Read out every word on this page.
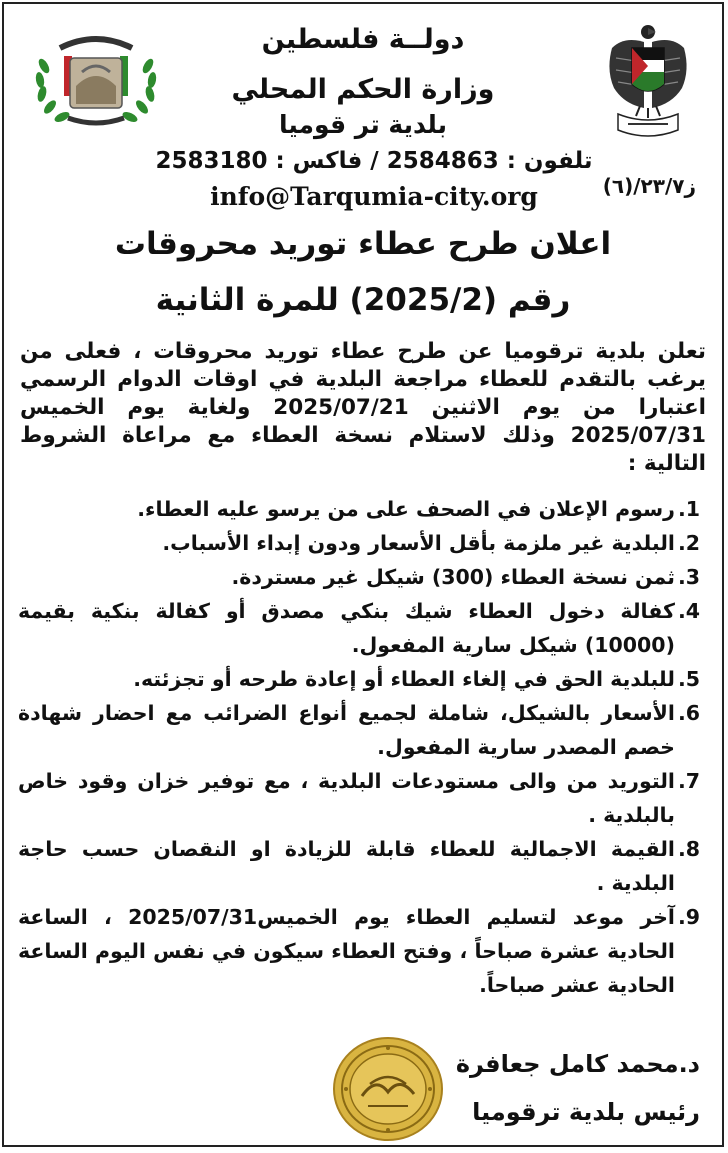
دولــة فلسطين
وزارة الحكم المحلي
بلدية تر قوميا
تلفون : 2584863 / فاكس : 2583180
info@Tarqumia-city.org	ز٢٣/٧/(٦)
اعلان طرح عطاء توريد محروقات
رقم (2025/2) للمرة الثانية
تعلن بلدية ترقوميا عن طرح عطاء توريد محروقات ، فعلى من يرغب بالتقدم للعطاء مراجعة البلدية في اوقات الدوام الرسمي اعتبارا من يوم الاثنين 2025/07/21 ولغاية يوم الخميس 2025/07/31 وذلك لاستلام نسخة العطاء مع مراعاة الشروط التالية :
1.
رسوم الإعلان في الصحف على من يرسو عليه العطاء.
2.
البلدية غير ملزمة بأقل الأسعار ودون إبداء الأسباب.
3.
ثمن نسخة العطاء (300) شيكل غير مستردة.
4.
كفالة دخول العطاء شيك بنكي مصدق أو كفالة بنكية بقيمة (10000) شيكل سارية المفعول.
5.
للبلدية الحق في إلغاء العطاء أو إعادة طرحه أو تجزئته.
6.
الأسعار بالشيكل، شاملة لجميع أنواع الضرائب مع احضار شهادة خصم المصدر سارية المفعول.
7.
التوريد من والى مستودعات البلدية ، مع توفير خزان وقود خاص بالبلدية .
8.
القيمة الاجمالية للعطاء قابلة للزيادة او النقصان حسب حاجة البلدية .
9.
آخر موعد لتسليم العطاء يوم الخميس2025/07/31 ، الساعة الحادية عشرة صباحاً ، وفتح العطاء سيكون في نفس اليوم الساعة الحادية عشر صباحاً.
د.محمد كامل جعافرة
رئيس بلدية ترقوميا
